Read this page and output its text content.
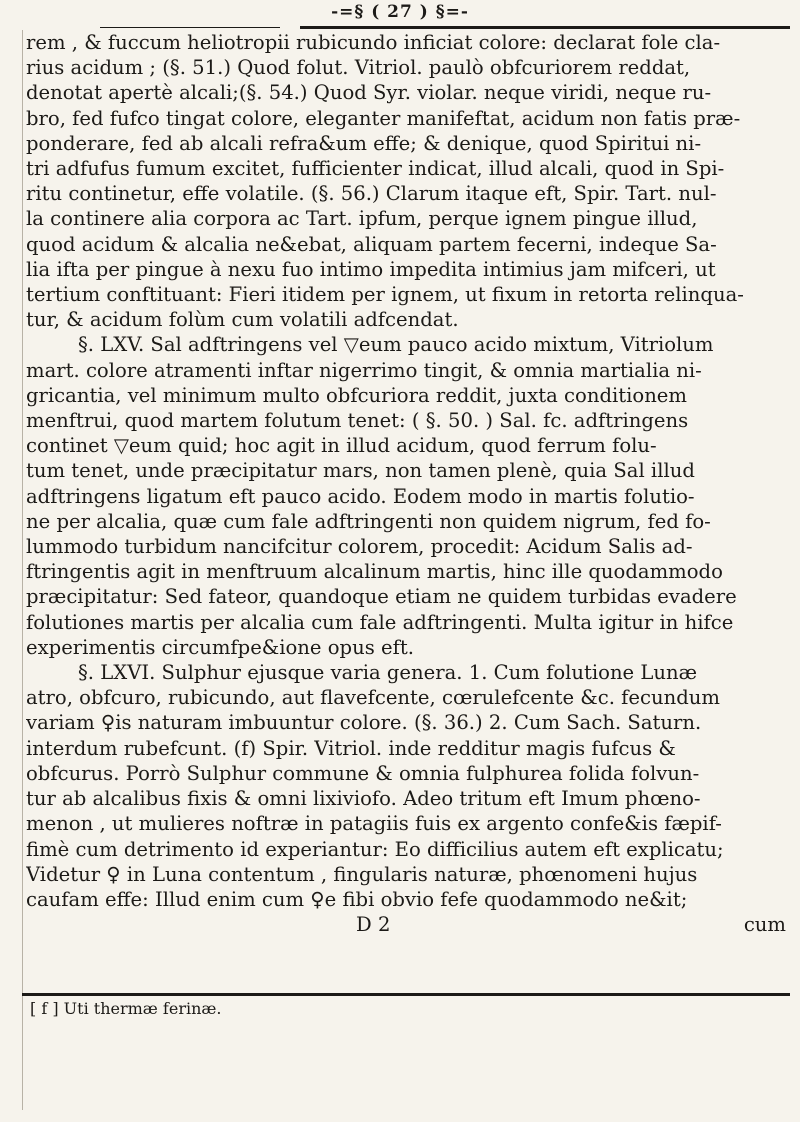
-=§ ( 27 ) §=-
rem , & fuccum heliotropii rubicundo inficiat colore: declarat fole cla-
rius acidum ; (§. 51.) Quod folut. Vitriol. paulò obfcuriorem reddat,
denotat apertè alcali;(§. 54.) Quod Syr. violar. neque viridi, neque ru-
bro, fed fufco tingat colore, eleganter manifeftat, acidum non fatis præ-
ponderare, fed ab alcali refra&um effe; & denique, quod Spiritui ni-
tri adfufus fumum excitet, fufficienter indicat, illud alcali, quod in Spi-
ritu continetur, effe volatile. (§. 56.) Clarum itaque eft, Spir. Tart. nul-
la continere alia corpora ac Tart. ipfum, perque ignem pingue illud,
quod acidum & alcalia ne&ebat, aliquam partem fecerni, indeque Sa-
lia ifta per pingue à nexu fuo intimo impedita intimius jam mifceri, ut
tertium conftituant: Fieri itidem per ignem, ut fixum in retorta relinqua-
tur, & acidum folùm cum volatili adfcendat.
§. LXV. Sal adftringens vel ▽eum pauco acido mixtum, Vitriolum
mart. colore atramenti inftar nigerrimo tingit, & omnia martialia ni-
gricantia, vel minimum multo obfcuriora reddit, juxta conditionem
menftrui, quod martem folutum tenet: ( §. 50. ) Sal. fc. adftringens
continet ▽eum quid; hoc agit in illud acidum, quod ferrum folu-
tum tenet, unde præcipitatur mars, non tamen plenè, quia Sal illud
adftringens ligatum eft pauco acido. Eodem modo in martis folutio-
ne per alcalia, quæ cum fale adftringenti non quidem nigrum, fed fo-
lummodo turbidum nancifcitur colorem, procedit: Acidum Salis ad-
ftringentis agit in menftruum alcalinum martis, hinc ille quodammodo
præcipitatur: Sed fateor, quandoque etiam ne quidem turbidas evadere
folutiones martis per alcalia cum fale adftringenti. Multa igitur in hifce
experimentis circumfpe&ione opus eft.
§. LXVI. Sulphur ejusque varia genera. 1. Cum folutione Lunæ
atro, obfcuro, rubicundo, aut flavefcente, cœrulefcente &c. fecundum
variam ♀is naturam imbuuntur colore. (§. 36.) 2. Cum Sach. Saturn.
interdum rubefcunt. (f) Spir. Vitriol. inde redditur magis fufcus &
obfcurus. Porrò Sulphur commune & omnia fulphurea folida folvun-
tur ab alcalibus fixis & omni lixiviofo. Adeo tritum eft Imum phœno-
menon , ut mulieres noftræ in patagiis fuis ex argento confe&is fæpif-
fimè cum detrimento id experiantur: Eo difficilius autem eft explicatu;
Videtur ♀ in Luna contentum , fingularis naturæ, phœnomeni hujus
caufam effe: Illud enim cum ♀e fibi obvio fefe quodammodo ne&it;
D 2	cum
[ f ] Uti thermæ ferinæ.
